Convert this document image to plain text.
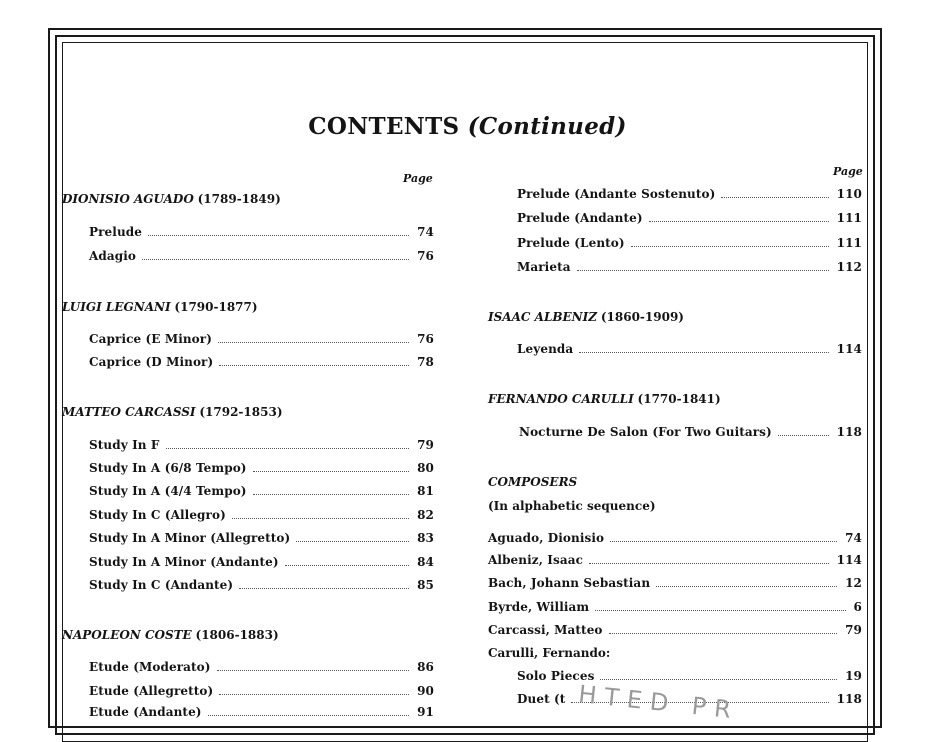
CONTENTS (Continued)
Page
Page
DIONISIO AGUADO (1789-1849)
Prelude	74
Adagio	76
LUIGI LEGNANI (1790-1877)
Caprice (E Minor)	76
Caprice (D Minor)	78
MATTEO CARCASSI (1792-1853)
Study In F	79
Study In A (6/8 Tempo)	80
Study In A (4/4 Tempo)	81
Study In C (Allegro)	82
Study In A Minor (Allegretto)	83
Study In A Minor (Andante)	84
Study In C (Andante)	85
NAPOLEON COSTE (1806-1883)
Etude (Moderato)	86
Etude (Allegretto)	90
Etude (Andante)	91
Prelude (Andante Sostenuto)	110
Prelude (Andante)	111
Prelude (Lento)	111
Marieta	112
ISAAC ALBENIZ (1860-1909)
Leyenda	114
FERNANDO CARULLI (1770-1841)
Nocturne De Salon (For Two Guitars)	118
COMPOSERS
(In alphabetic sequence)
Aguado, Dionisio	74
Albeniz, Isaac	114
Bach, Johann Sebastian	12
Byrde, William	6
Carcassi, Matteo	79
Carulli, Fernando:
Solo Pieces	19
Duet (t	118
HTED PR
